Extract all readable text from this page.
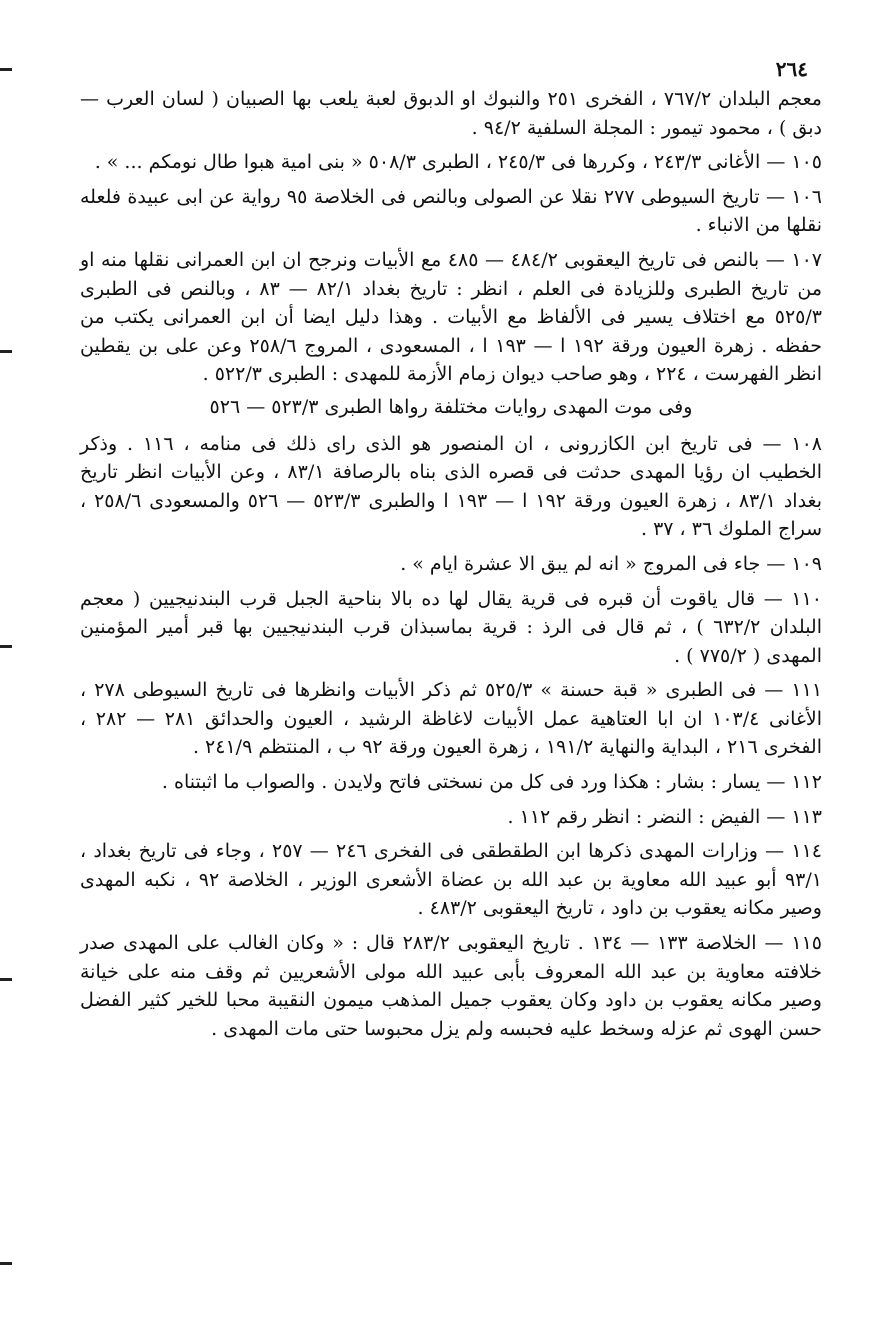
٢٦٤

معجم البلدان ٧٦٧/٢ ، الفخرى ٢٥١ والنبوك او الدبوق لعبة يلعب بها الصبيان ( لسان العرب — دبق ) ، محمود تيمور : المجلة السلفية ٩٤/٢ .

١٠٥ — الأغانى ٢٤٣/٣ ، وكررها فى ٢٤٥/٣ ، الطبرى ٥٠٨/٣ « بنى امية هبوا طال نومكم ... » .

١٠٦ — تاريخ السيوطى ٢٧٧ نقلا عن الصولى وبالنص فى الخلاصة ٩٥ رواية عن ابى عبيدة فلعله نقلها من الانباء .

١٠٧ — بالنص فى تاريخ اليعقوبى ٤٨٤/٢ — ٤٨٥ مع الأبيات ونرجح ان ابن العمرانى نقلها منه او من تاريخ الطبرى وللزيادة فى العلم ، انظر : تاريخ بغداد ٨٢/١ — ٨٣ ، وبالنص فى الطبرى ٥٢٥/٣ مع اختلاف يسير فى الألفاظ مع الأبيات . وهذا دليل ايضا أن ابن العمرانى يكتب من حفظه . زهرة العيون ورقة ١٩٢ ا — ١٩٣ ا ، المسعودى ، المروج ٢٥٨/٦ وعن على بن يقطين انظر الفهرست ، ٢٢٤ ، وهو صاحب ديوان زمام الأزمة للمهدى : الطبرى ٥٢٢/٣ .

وفى موت المهدى روايات مختلفة رواها الطبرى ٥٢٣/٣ — ٥٢٦

١٠٨ — فى تاريخ ابن الكازرونى ، ان المنصور هو الذى راى ذلك فى منامه ، ١١٦ . وذكر الخطيب ان رؤيا المهدى حدثت فى قصره الذى بناه بالرصافة ٨٣/١ ، وعن الأبيات انظر تاريخ بغداد ٨٣/١ ، زهرة العيون ورقة ١٩٢ ا — ١٩٣ ا والطبرى ٥٢٣/٣ — ٥٢٦ والمسعودى ٢٥٨/٦ ، سراج الملوك ٣٦ ، ٣٧ .

١٠٩ — جاء فى المروج « انه لم يبق الا عشرة ايام » .

١١٠ — قال ياقوت أن قبره فى قرية يقال لها ده بالا بناحية الجبل قرب البندنيجيين ( معجم البلدان ٦٣٢/٢ ) ، ثم قال فى الرذ : قرية بماسبذان قرب البندنيجيين بها قبر أمير المؤمنين المهدى ( ٧٧٥/٢ ) .

١١١ — فى الطبرى « قبة حسنة » ٥٢٥/٣ ثم ذكر الأبيات وانظرها فى تاريخ السيوطى ٢٧٨ ، الأغانى ١٠٣/٤ ان ابا العتاهية عمل الأبيات لاغاظة الرشيد ، العيون والحدائق ٢٨١ — ٢٨٢ ، الفخرى ٢١٦ ، البداية والنهاية ١٩١/٢ ، زهرة العيون ورقة ٩٢ ب ، المنتظم ٢٤١/٩ .

١١٢ — يسار : بشار : هكذا ورد فى كل من نسختى فاتح ولايدن . والصواب ما اثبتناه .

١١٣ — الفيض : النضر : انظر رقم ١١٢ .

١١٤ — وزارات المهدى ذكرها ابن الطقطقى فى الفخرى ٢٤٦ — ٢٥٧ ، وجاء فى تاريخ بغداد ، ٩٣/١ أبو عبيد الله معاوية بن عبد الله بن عضاة الأشعرى الوزير ، الخلاصة ٩٢ ، نكبه المهدى وصير مكانه يعقوب بن داود ، تاريخ اليعقوبى ٤٨٣/٢ .

١١٥ — الخلاصة ١٣٣ — ١٣٤ . تاريخ اليعقوبى ٢٨٣/٢ قال : « وكان الغالب على المهدى صدر خلافته معاوية بن عبد الله المعروف بأبى عبيد الله مولى الأشعريين ثم وقف منه على خيانة وصير مكانه يعقوب بن داود وكان يعقوب جميل المذهب ميمون النقيبة محبا للخير كثير الفضل حسن الهوى ثم عزله وسخط عليه فحبسه ولم يزل محبوسا حتى مات المهدى .
